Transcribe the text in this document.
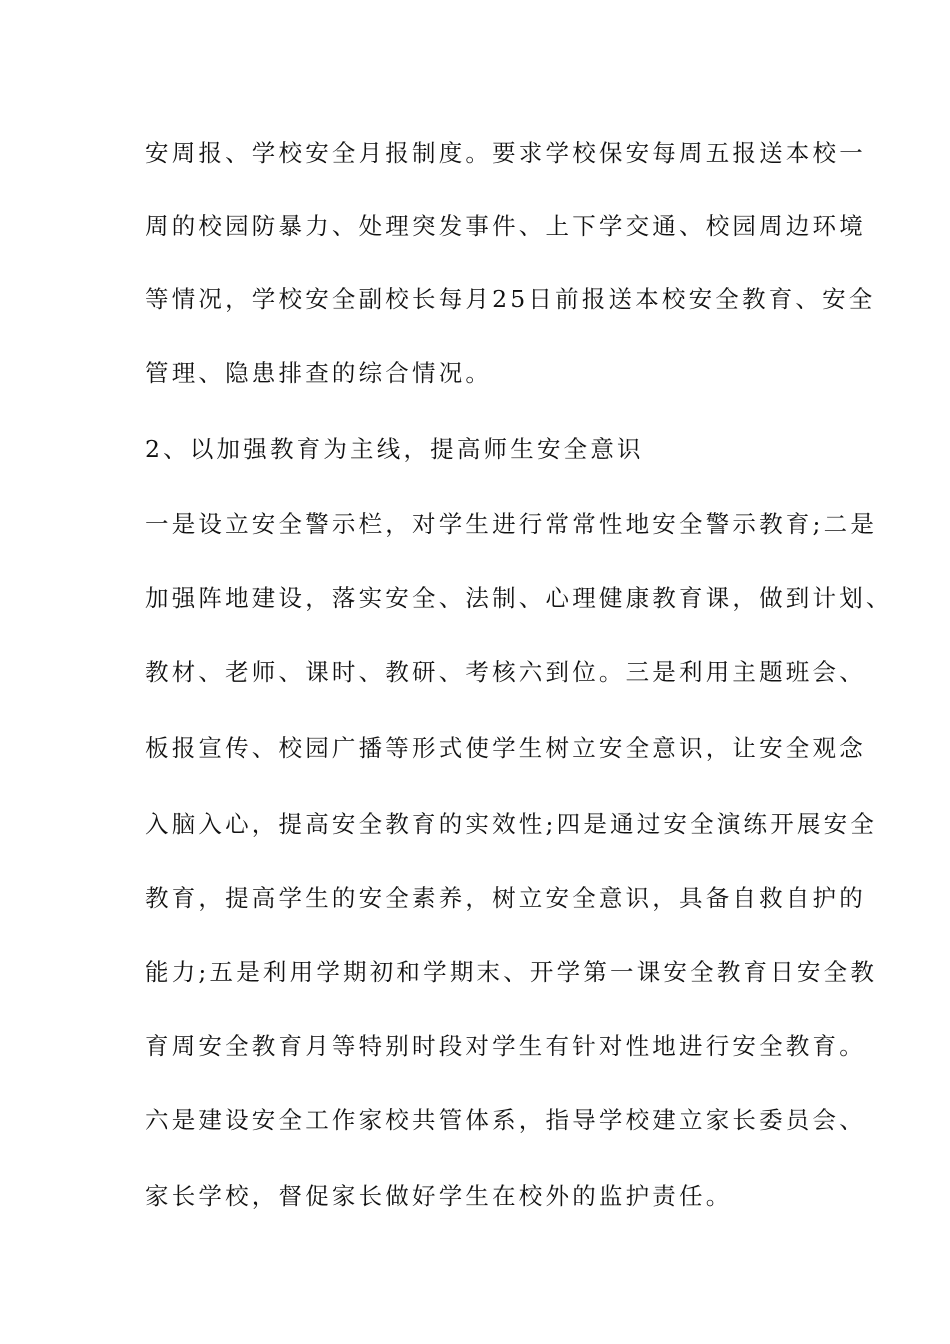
安周报、学校安全月报制度。要求学校保安每周五报送本校一
周的校园防暴力、处理突发事件、上下学交通、校园周边环境
等情况，学校安全副校长每月25日前报送本校安全教育、安全
管理、隐患排查的综合情况。
2、以加强教育为主线，提高师生安全意识
一是设立安全警示栏，对学生进行常常性地安全警示教育;二是
加强阵地建设，落实安全、法制、心理健康教育课，做到计划、
教材、老师、课时、教研、考核六到位。三是利用主题班会、
板报宣传、校园广播等形式使学生树立安全意识，让安全观念
入脑入心，提高安全教育的实效性;四是通过安全演练开展安全
教育，提高学生的安全素养，树立安全意识，具备自救自护的
能力;五是利用学期初和学期末、开学第一课安全教育日安全教
育周安全教育月等特别时段对学生有针对性地进行安全教育。
六是建设安全工作家校共管体系，指导学校建立家长委员会、
家长学校，督促家长做好学生在校外的监护责任。
